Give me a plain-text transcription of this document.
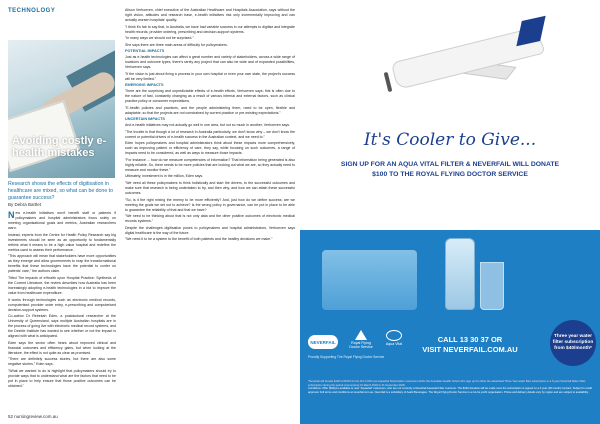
TECHNOLOGY
Avoiding costly e-health mistakes
Research shows the effects of digitisation in healthcare are mixed, so what can be done to guarantee success?
By Debra Bartlet

New e-health initiatives won't benefit staff or patients if policymakers and hospital administrators focus solely on meeting organisational goals and metrics, Australian researchers warn.

Instead, experts from the Centre for Health Policy Research say big investments should be seen as an opportunity to fundamentally rethink what it means to be a high value hospital and redefine the metrics used to assess their performance.

"This approach will mean that stakeholders have more opportunities as they emerge and allow governments to reap the transformational benefits that these technologies have the potential to confer on patients' care," the authors claim.

Titled The impacts of eHealth upon Hospital Practice: Synthesis of the Current Literature, the review describes how Australia has been increasingly adopting e-health technologies in a bid to improve the value from healthcare expenditure.

It works through technologies such as electronic medical records, computerised provider order entry, e-prescribing and computerised decision-support systems.

Co-author Dr Rebekah Eden, a postdoctoral researcher at the University of Queensland, says multiple Australian hospitals are in the process of going live with electronic medical record systems, and the Deeble Institute has wanted to see whether or not the impact is aligned with what is anticipated.

Eden says the sector often hears about improved clinical and financial outcomes and efficiency gains, but when looking at the literature, the effect is not quite as clear as promised.

"There are definitely success stories, but there are also some negative stories," Eden says.

"What we wanted to do is highlight that policymakers should try to provide ways that to understand what are the factors that need to be put in place to help ensure that those positive outcomes can be obtained."

Alison Verhoeven, chief executive of the Australian Healthcare and Hospitals Association, says without the right vision, attitudes and research base, e-health initiatives risk only incrementally improving and can actually worsen hospitals' quality.

"I think it's fair to say that, in Australia, we have had variable success in our attempts to digitise and integrate health records, provider ordering, prescribing and decision-support systems.

"In many ways we should not be surprised."

She says there are three main areas of difficulty for policymakers.

POTENTIAL IMPACTS

Just as e-health technologies can affect a great number and variety of stakeholders, across a wide range of locations and outcome types, there's rarely any project that can also be wide and of expanded possibilities, Verhoeven says.

"If the vision is just about fixing a process in your own hospital or even your own state, the project's success will be very limited."

EMERGING IMPACTS

There are the surprising and unpredictable effects of e-health efforts, Verhoeven says; this is often due to the nature of fast, constantly changing as a result of various internal and external factors, such as clinical practice policy or consumer expectations.

"E-health policies and practices, and the people administering them, need to be open, flexible and adaptable, so that the projects are not constrained by current practice or pre-existing expectations."

UNCERTAIN IMPACTS

And e-health initiatives may not actually go well in one area, but not so much in another, Verhoeven says.

"The trouble is that though a lot of research in Australia particularly, we don't know why – we don't know the current or potential drivers of e-health success in the Australian context, and we need to."

Eden hopes policymakers and hospital administrators think about these impacts more comprehensively, such as improving patient or efficiency of care, they say, while focusing on such outcomes, a range of impacts need to be considered, as well as ways to measure those impacts.

"For instance ... how do we measure competencies of information? That information being generated is also highly reliable. So, there needs to be more policies that are looking out what we are, so they actually need to measure and monitor these."

Ultimately, investment is in the million, Eden says.

"We need all these policymakers to think holistically and start the drivers, to the successful outcomes and make sure that research is being undertaken to try, and then why, and how we can attain these successful outcomes.

"So, is it the right mixing the enemy to be more efficiently? And, just how do we define success; are we meeting the goals we set out to achieve? Is the wrong policy in governance, can be put in place to be able to guarantee the reliability of that and that we have?

"We need to be thinking about that is not only data and the other positive outcomes of electronic medical records systems."

Despite the challenges digitisation poses to policymakers and hospital administrators, Verhoeven says digital healthcare is the way of the future.

"We need it to be a system to the benefit of both patients and the healthy decisions we make."

52 nursingreview.com.au
It's Cooler to Give...
SIGN UP FOR AN AQUA VITAL FILTER & NEVERFAIL WILL DONATE $100 TO THE ROYAL FLYING DOCTOR SERVICE
NEVERFAIL	Royal Flying Doctor Service
Aqua Vital
Proudly Supporting The Royal Flying Doctor Service
CALL 13 30 37 OR
VISIT NEVERFAIL.COM.AU
Three year water filter subscription from $40/month*
*Neverfail will donate $100 to RFDS for the first 2,000 new Aquavital Subscription customers within the Australian Health Cohort who sign up for either the advertised Three Year water filter subscription or a 5-year Neverfail Water Filter subscription during the period commencing 01 March 2018 to 31 December 2018.
Conditions: Offer ($40pm) available to new "Aquavital" customers, who are not currently a Neverfail Aquavital Filter customer. The $100 donation will be made once the subscription is signed on a 3 year (36 month) contract. Subject to credit approval. Full terms and conditions at neverfail.com.au. Neverfail is a subsidiary of Asahi Beverages. The Royal Flying Doctor Service is a not-for-profit organisation. Prices and delivery details vary by region and are subject to availability.
